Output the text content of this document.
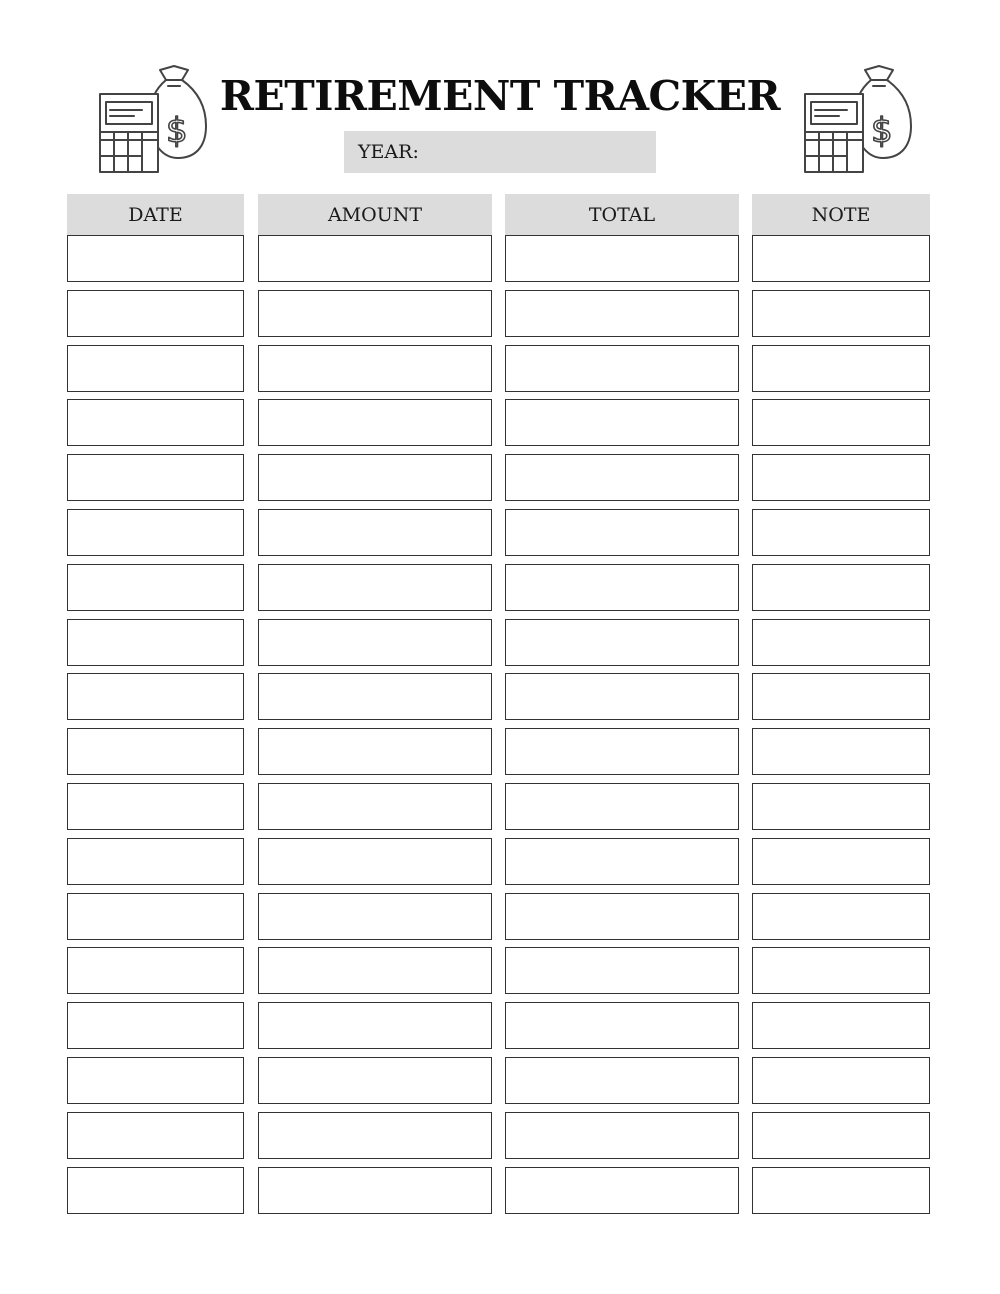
$	$
RETIREMENT TRACKER
YEAR:
DATE	AMOUNT	TOTAL	NOTE
